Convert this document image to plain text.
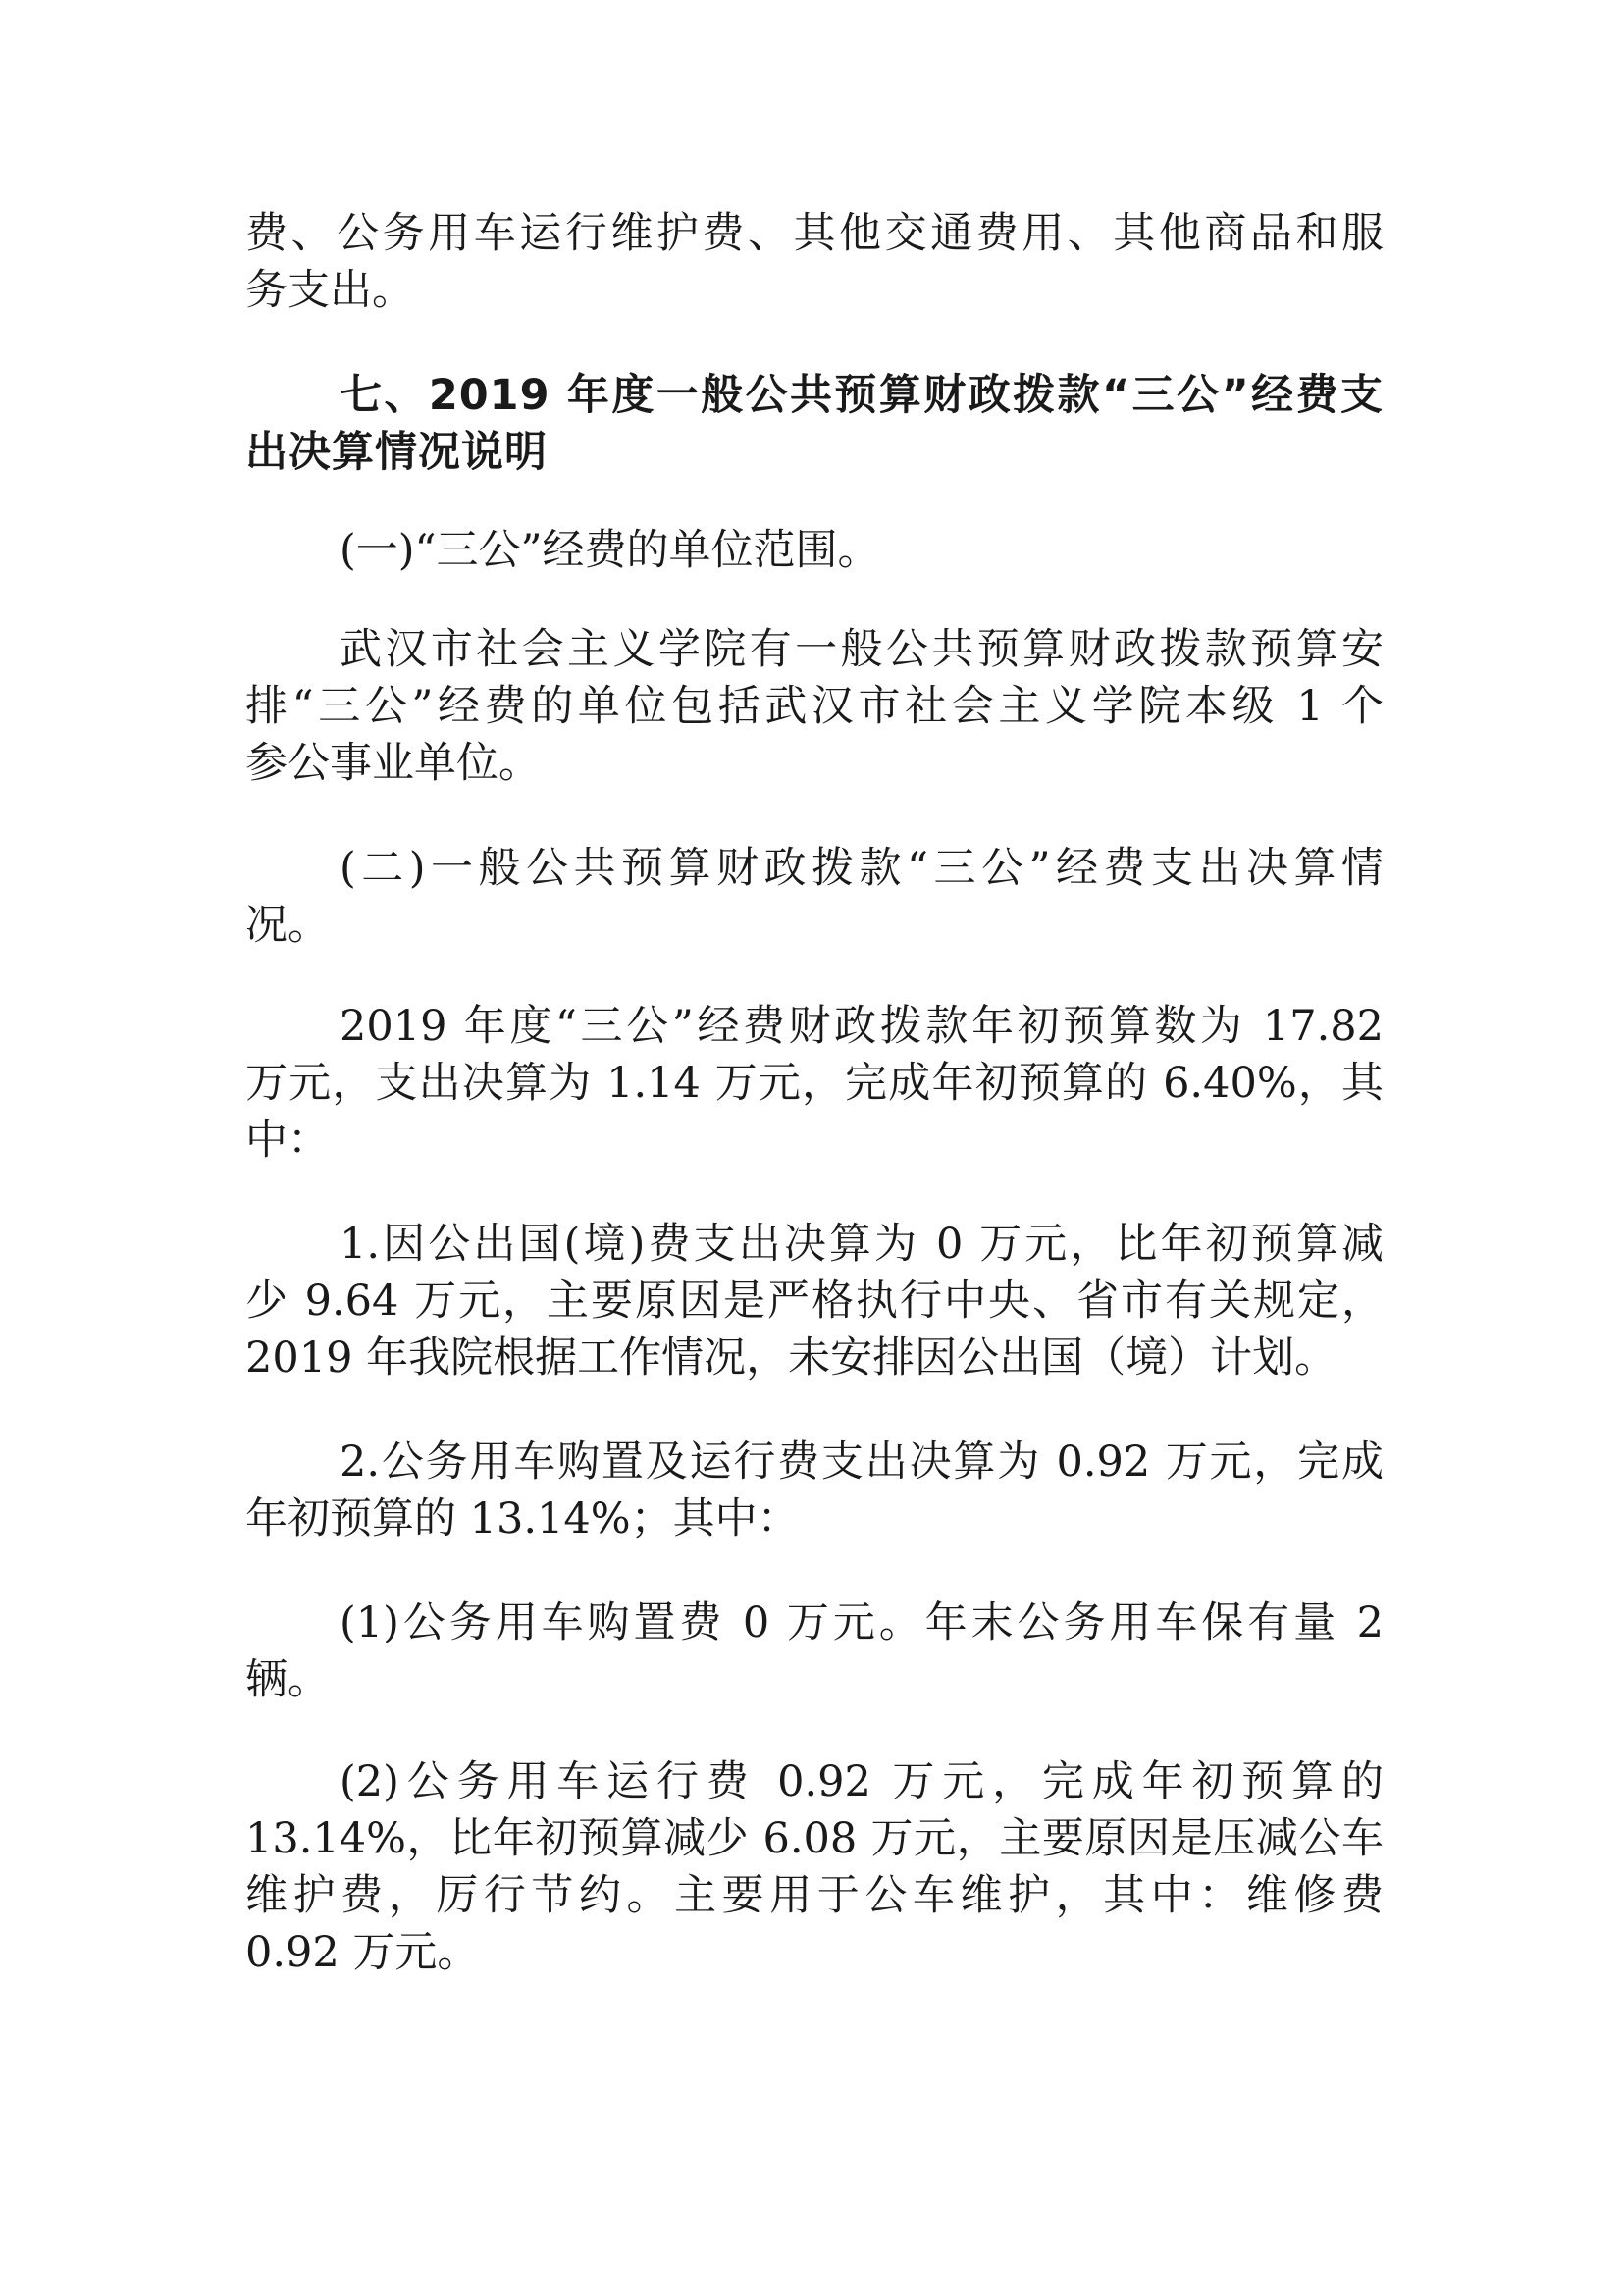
费、公务用车运行维护费、其他交通费用、其他商品和服
务支出。
七、2019 年度一般公共预算财政拨款“三公”经费支
出决算情况说明
(一)“三公”经费的单位范围。
武汉市社会主义学院有一般公共预算财政拨款预算安
排“三公”经费的单位包括武汉市社会主义学院本级 1 个
参公事业单位。
(二)一般公共预算财政拨款“三公”经费支出决算情
况。
2019 年度“三公”经费财政拨款年初预算数为 17.82
万元，支出决算为 1.14 万元，完成年初预算的 6.40%，其
中：
1.因公出国(境)费支出决算为 0 万元，比年初预算减
少 9.64 万元，主要原因是严格执行中央、省市有关规定，
2019 年我院根据工作情况，未安排因公出国（境）计划。
2.公务用车购置及运行费支出决算为 0.92 万元，完成
年初预算的 13.14%；其中：
(1)公务用车购置费 0 万元。年末公务用车保有量 2
辆。
(2)公务用车运行费 0.92 万元，完成年初预算的
13.14%，比年初预算减少 6.08 万元，主要原因是压减公车
维护费，厉行节约。主要用于公车维护，其中：维修费
0.92 万元。
